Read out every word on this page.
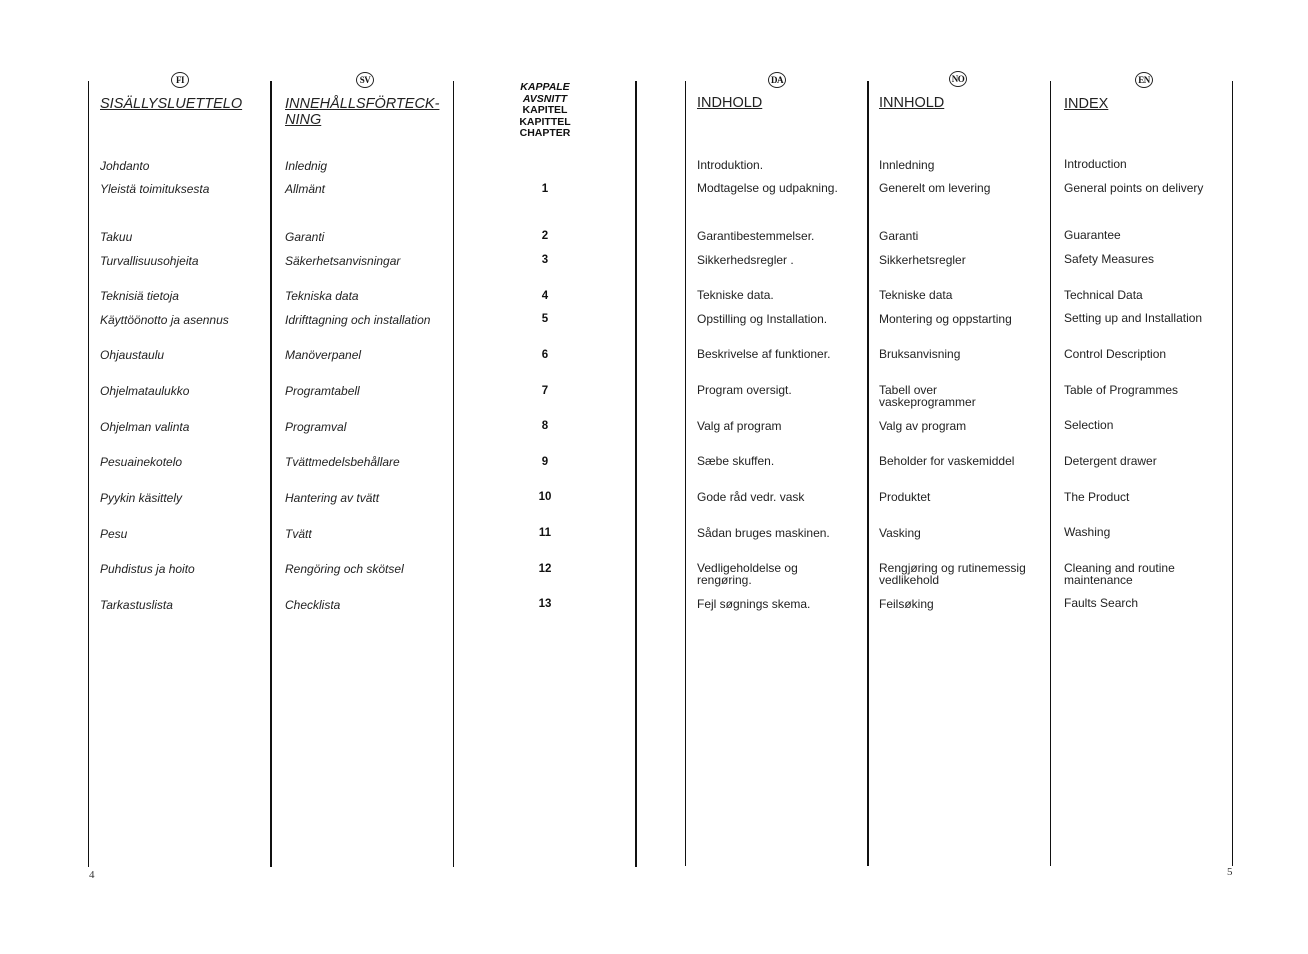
FI
SISÄLLYSLUETTELO
Johdanto
Yleistä toimituksesta
Takuu
Turvallisuusohjeita
Teknisiä tietoja
Käyttöönotto ja asennus
Ohjaustaulu
Ohjelmataulukko
Ohjelman valinta
Pesuainekotelo
Pyykin käsittely
Pesu
Puhdistus ja hoito
Tarkastuslista
SV
INNEHÅLLSFÖRTECK-
NING
Inlednig
Allmänt
Garanti
Säkerhetsanvisningar
Tekniska data
Idrifttagning och installation
Manöverpanel
Programtabell
Programval
Tvättmedelsbehållare
Hantering av tvätt
Tvätt
Rengöring och skötsel
Checklista
KAPPALE
AVSNITT
KAPITEL
KAPITTEL
CHAPTER
1
2
3
4
5
6
7
8
9
10
11
12
13
DA
INDHOLD
Introduktion.
Modtagelse og udpakning.
Garantibestemmelser.
Sikkerhedsregler .
Tekniske data.
Opstilling og Installation.
Beskrivelse af funktioner.
Program oversigt.
Valg af program
Sæbe skuffen.
Gode råd vedr. vask
Sådan bruges maskinen.
Vedligeholdelse og rengøring.
Fejl søgnings skema.
NO
INNHOLD
Innledning
Generelt om levering
Garanti
Sikkerhetsregler
Tekniske data
Montering og oppstarting
Bruksanvisning
Tabell over vaskeprogrammer
Valg av program
Beholder for vaskemiddel
Produktet
Vasking
Rengjøring og rutinemessig vedlikehold
Feilsøking
EN
INDEX
Introduction
General points on delivery
Guarantee
Safety Measures
Technical Data
Setting up and Installation
Control Description
Table of Programmes
Selection
Detergent drawer
The Product
Washing
Cleaning and routine maintenance
Faults Search
4	5
